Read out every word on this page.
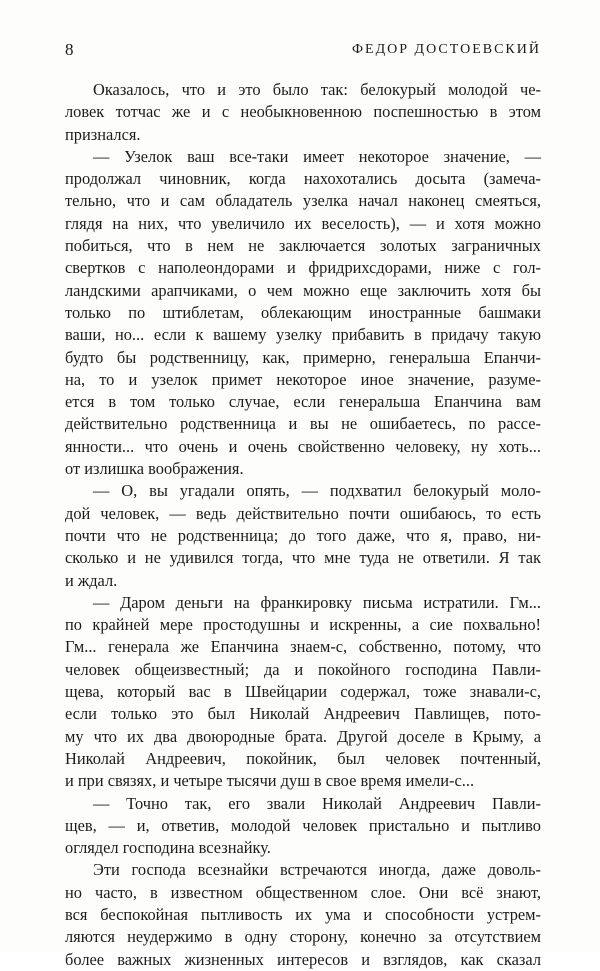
8	ФЕДОР ДОСТОЕВСКИЙ
Оказалось, что и это было так: белокурый молодой че-
ловек тотчас же и с необыкновенною поспешностью в этом
признался.
— Узелок ваш все-таки имеет некоторое значение, —
продолжал чиновник, когда нахохотались досыта (замеча-
тельно, что и сам обладатель узелка начал наконец смеяться,
глядя на них, что увеличило их веселость), — и хотя можно
побиться, что в нем не заключается золотых заграничных
свертков с наполеондорами и фридрихсдорами, ниже с гол-
ландскими арапчиками, о чем можно еще заключить хотя бы
только по штиблетам, облекающим иностранные башмаки
ваши, но... если к вашему узелку прибавить в придачу такую
будто бы родственницу, как, примерно, генеральша Епанчи-
на, то и узелок примет некоторое иное значение, разуме-
ется в том только случае, если генеральша Епанчина вам
действительно родственница и вы не ошибаетесь, по рассе-
янности... что очень и очень свойственно человеку, ну хоть...
от излишка воображения.
— О, вы угадали опять, — подхватил белокурый моло-
дой человек, — ведь действительно почти ошибаюсь, то есть
почти что не родственница; до того даже, что я, право, ни-
сколько и не удивился тогда, что мне туда не ответили. Я так
и ждал.
— Даром деньги на франкировку письма истратили. Гм...
по крайней мере простодушны и искренны, а сие похвально!
Гм... генерала же Епанчина знаем-с, собственно, потому, что
человек общеизвестный; да и покойного господина Павли-
щева, который вас в Швейцарии содержал, тоже знавали-с,
если только это был Николай Андреевич Павлищев, пото-
му что их два двоюродные брата. Другой доселе в Крыму, а
Николай Андреевич, покойник, был человек почтенный,
и при связях, и четыре тысячи душ в свое время имели-с...
— Точно так, его звали Николай Андреевич Павли-
щев, — и, ответив, молодой человек пристально и пытливо
оглядел господина всезнайку.
Эти господа всезнайки встречаются иногда, даже доволь-
но часто, в известном общественном слое. Они всё знают,
вся беспокойная пытливость их ума и способности устрем-
ляются неудержимо в одну сторону, конечно за отсутствием
более важных жизненных интересов и взглядов, как сказал
